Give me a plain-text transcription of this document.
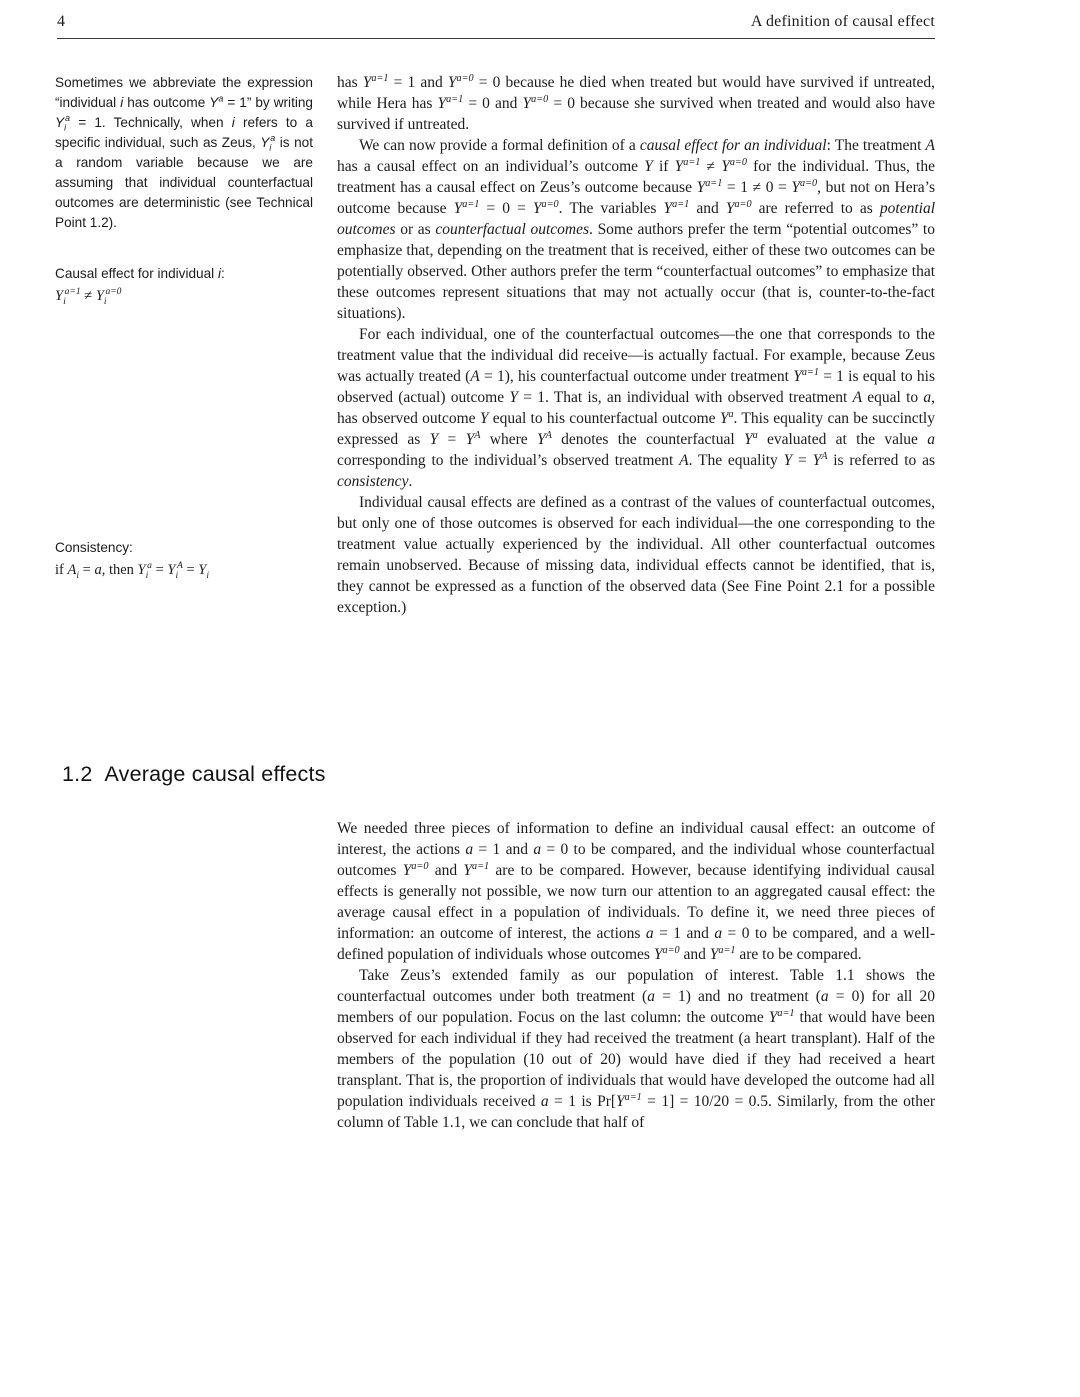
4	A definition of causal effect
Sometimes we abbreviate the expression “individual i has outcome $Y^a = 1$” by writing $Y_i^a = 1$. Technically, when i refers to a specific individual, such as Zeus, $Y_i^a$ is not a random variable because we are assuming that individual counterfactual outcomes are deterministic (see Technical Point 1.2).
Causal effect for individual i:
$Y_i^{a=1} \ne Y_i^{a=0}$
Consistency:
if $A_i = a$, then $Y_i^a = Y_i^A = Y_i$

has $Y^{a=1} = 1$ and $Y^{a=0} = 0$ because he died when treated but would have survived if untreated, while Hera has $Y^{a=1} = 0$ and $Y^{a=0} = 0$ because she survived when treated and would also have survived if untreated.

We can now provide a formal definition of a causal effect for an individual: The treatment A has a causal effect on an individual’s outcome Y if $Y^{a=1} \ne Y^{a=0}$ for the individual. Thus, the treatment has a causal effect on Zeus’s outcome because $Y^{a=1} = 1 \ne 0 = Y^{a=0}$, but not on Hera’s outcome because $Y^{a=1} = 0 = Y^{a=0}$. The variables $Y^{a=1}$ and $Y^{a=0}$ are referred to as potential outcomes or as counterfactual outcomes. Some authors prefer the term “potential outcomes” to emphasize that, depending on the treatment that is received, either of these two outcomes can be potentially observed. Other authors prefer the term “counterfactual outcomes” to emphasize that these outcomes represent situations that may not actually occur (that is, counter-to-the-fact situations).

For each individual, one of the counterfactual outcomes—the one that corresponds to the treatment value that the individual did receive—is actually factual. For example, because Zeus was actually treated (A = 1), his counterfactual outcome under treatment $Y^{a=1} = 1$ is equal to his observed (actual) outcome Y = 1. That is, an individual with observed treatment A equal to a, has observed outcome Y equal to his counterfactual outcome $Y^a$. This equality can be succinctly expressed as $Y = Y^A$ where $Y^A$ denotes the counterfactual $Y^a$ evaluated at the value a corresponding to the individual’s observed treatment A. The equality $Y = Y^A$ is referred to as consistency.

Individual causal effects are defined as a contrast of the values of counterfactual outcomes, but only one of those outcomes is observed for each individual—the one corresponding to the treatment value actually experienced by the individual. All other counterfactual outcomes remain unobserved. Because of missing data, individual effects cannot be identified, that is, they cannot be expressed as a function of the observed data (See Fine Point 2.1 for a possible exception.)

1.2 Average causal effects

We needed three pieces of information to define an individual causal effect: an outcome of interest, the actions a = 1 and a = 0 to be compared, and the individual whose counterfactual outcomes $Y^{a=0}$ and $Y^{a=1}$ are to be compared. However, because identifying individual causal effects is generally not possible, we now turn our attention to an aggregated causal effect: the average causal effect in a population of individuals. To define it, we need three pieces of information: an outcome of interest, the actions a = 1 and a = 0 to be compared, and a well-defined population of individuals whose outcomes $Y^{a=0}$ and $Y^{a=1}$ are to be compared.

Take Zeus’s extended family as our population of interest. Table 1.1 shows the counterfactual outcomes under both treatment (a = 1) and no treatment (a = 0) for all 20 members of our population. Focus on the last column: the outcome $Y^{a=1}$ that would have been observed for each individual if they had received the treatment (a heart transplant). Half of the members of the population (10 out of 20) would have died if they had received a heart transplant. That is, the proportion of individuals that would have developed the outcome had all population individuals received a = 1 is $Pr[Y^{a=1} = 1] = 10/20 = 0.5$. Similarly, from the other column of Table 1.1, we can conclude that half of
